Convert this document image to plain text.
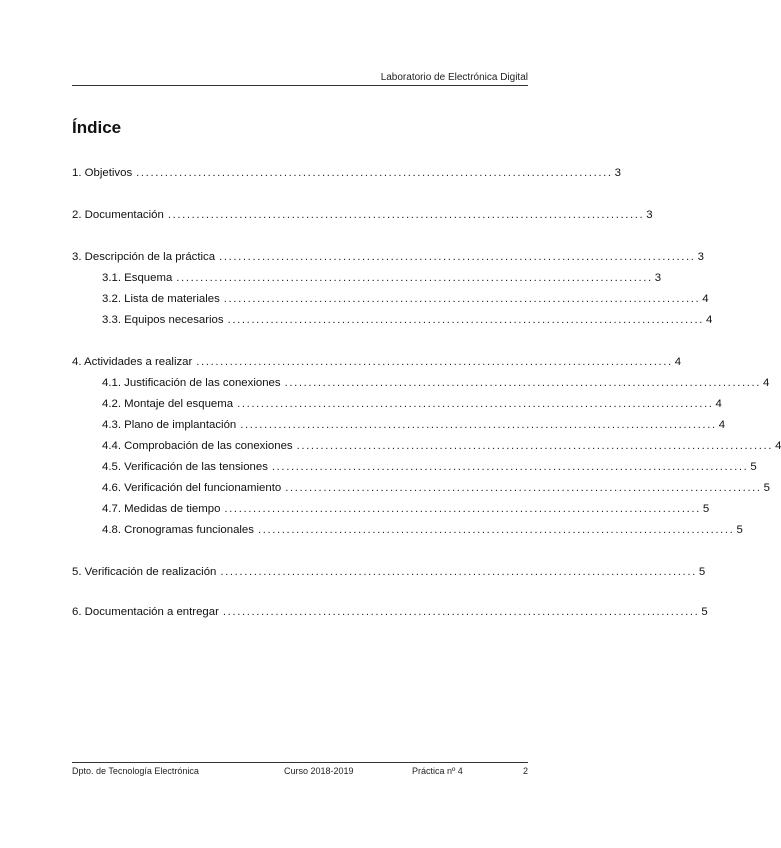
Laboratorio de Electrónica Digital
Índice
1. Objetivos .................................................................................................... 3
2. Documentación .................................................................................................... 3
3. Descripción de la práctica .................................................................................................... 3
3.1. Esquema .................................................................................................... 3
3.2. Lista de materiales .................................................................................................... 4
3.3. Equipos necesarios .................................................................................................... 4
4. Actividades a realizar .................................................................................................... 4
4.1. Justificación de las conexiones .................................................................................................... 4
4.2. Montaje del esquema .................................................................................................... 4
4.3. Plano de implantación .................................................................................................... 4
4.4. Comprobación de las conexiones .................................................................................................... 4
4.5. Verificación de las tensiones .................................................................................................... 5
4.6. Verificación del funcionamiento .................................................................................................... 5
4.7. Medidas de tiempo .................................................................................................... 5
4.8. Cronogramas funcionales .................................................................................................... 5
5. Verificación de realización .................................................................................................... 5
6. Documentación a entregar .................................................................................................... 5
Dpto. de Tecnología Electrónica	Curso 2018-2019	Práctica nº 4	2
